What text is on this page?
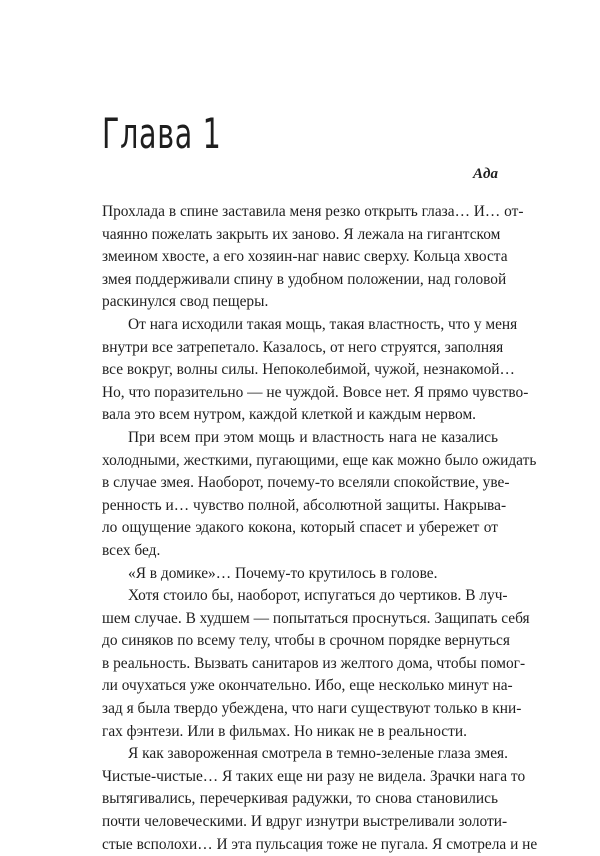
Глава 1
Ада
Прохлада в спине заставила меня резко открыть глаза… И… от-
чаянно пожелать закрыть их заново. Я лежала на гигантском
змеином хвосте, а его хозяин-наг навис сверху. Кольца хвоста
змея поддерживали спину в удобном положении, над головой
раскинулся свод пещеры.
От нага исходили такая мощь, такая властность, что у меня
внутри все затрепетало. Казалось, от него струятся, заполняя
все вокруг, волны силы. Непоколебимой, чужой, незнакомой…
Но, что поразительно — не чуждой. Вовсе нет. Я прямо чувство-
вала это всем нутром, каждой клеткой и каждым нервом.
При всем при этом мощь и властность нага не казались
холодными, жесткими, пугающими, еще как можно было ожидать
в случае змея. Наоборот, почему-то вселяли спокойствие, уве-
ренность и… чувство полной, абсолютной защиты. Накрыва-
ло ощущение эдакого кокона, который спасет и убережет от
всех бед.
«Я в домике»… Почему-то крутилось в голове.
Хотя стоило бы, наоборот, испугаться до чертиков. В луч-
шем случае. В худшем — попытаться проснуться. Защипать себя
до синяков по всему телу, чтобы в срочном порядке вернуться
в реальность. Вызвать санитаров из желтого дома, чтобы помог-
ли очухаться уже окончательно. Ибо, еще несколько минут на-
зад я была твердо убеждена, что наги существуют только в кни-
гах фэнтези. Или в фильмах. Но никак не в реальности.
Я как завороженная смотрела в темно-зеленые глаза змея.
Чистые-чистые… Я таких еще ни разу не видела. Зрачки нага то
вытягивались, перечеркивая радужки, то снова становились
почти человеческими. И вдруг изнутри выстреливали золоти-
стые всполохи… И эта пульсация тоже не пугала. Я смотрела и не
